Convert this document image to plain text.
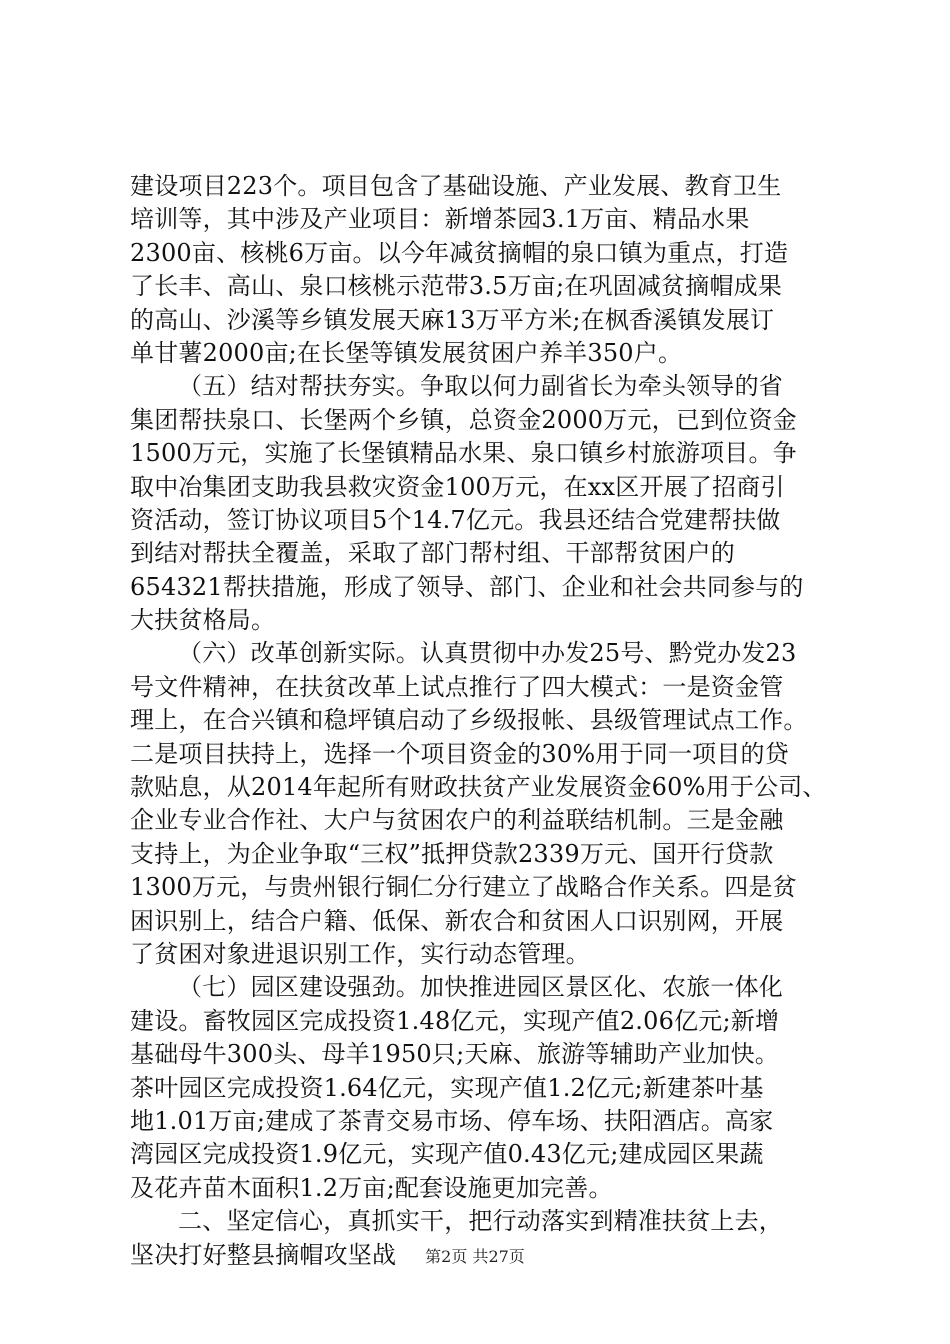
建设项目223个。项目包含了基础设施、产业发展、教育卫生
培训等，其中涉及产业项目：新增茶园3.1万亩、精品水果
2300亩、核桃6万亩。以今年减贫摘帽的泉口镇为重点，打造
了长丰、高山、泉口核桃示范带3.5万亩;在巩固减贫摘帽成果
的高山、沙溪等乡镇发展天麻13万平方米;在枫香溪镇发展订
单甘薯2000亩;在长堡等镇发展贫困户养羊350户。
（五）结对帮扶夯实。争取以何力副省长为牵头领导的省
集团帮扶泉口、长堡两个乡镇，总资金2000万元，已到位资金
1500万元，实施了长堡镇精品水果、泉口镇乡村旅游项目。争
取中冶集团支助我县救灾资金100万元，在xx区开展了招商引
资活动，签订协议项目5个14.7亿元。我县还结合党建帮扶做
到结对帮扶全覆盖，采取了部门帮村组、干部帮贫困户的
654321帮扶措施，形成了领导、部门、企业和社会共同参与的
大扶贫格局。
（六）改革创新实际。认真贯彻中办发25号、黔党办发23
号文件精神，在扶贫改革上试点推行了四大模式：一是资金管
理上，在合兴镇和稳坪镇启动了乡级报帐、县级管理试点工作。
二是项目扶持上，选择一个项目资金的30%用于同一项目的贷
款贴息，从2014年起所有财政扶贫产业发展资金60%用于公司、
企业专业合作社、大户与贫困农户的利益联结机制。三是金融
支持上，为企业争取“三权”抵押贷款2339万元、国开行贷款
1300万元，与贵州银行铜仁分行建立了战略合作关系。四是贫
困识别上，结合户籍、低保、新农合和贫困人口识别网，开展
了贫困对象进退识别工作，实行动态管理。
（七）园区建设强劲。加快推进园区景区化、农旅一体化
建设。畜牧园区完成投资1.48亿元，实现产值2.06亿元;新增
基础母牛300头、母羊1950只;天麻、旅游等辅助产业加快。
茶叶园区完成投资1.64亿元，实现产值1.2亿元;新建茶叶基
地1.01万亩;建成了茶青交易市场、停车场、扶阳酒店。高家
湾园区完成投资1.9亿元，实现产值0.43亿元;建成园区果蔬
及花卉苗木面积1.2万亩;配套设施更加完善。
二、坚定信心，真抓实干，把行动落实到精准扶贫上去，
坚决打好整县摘帽攻坚战	第2页 共27页
